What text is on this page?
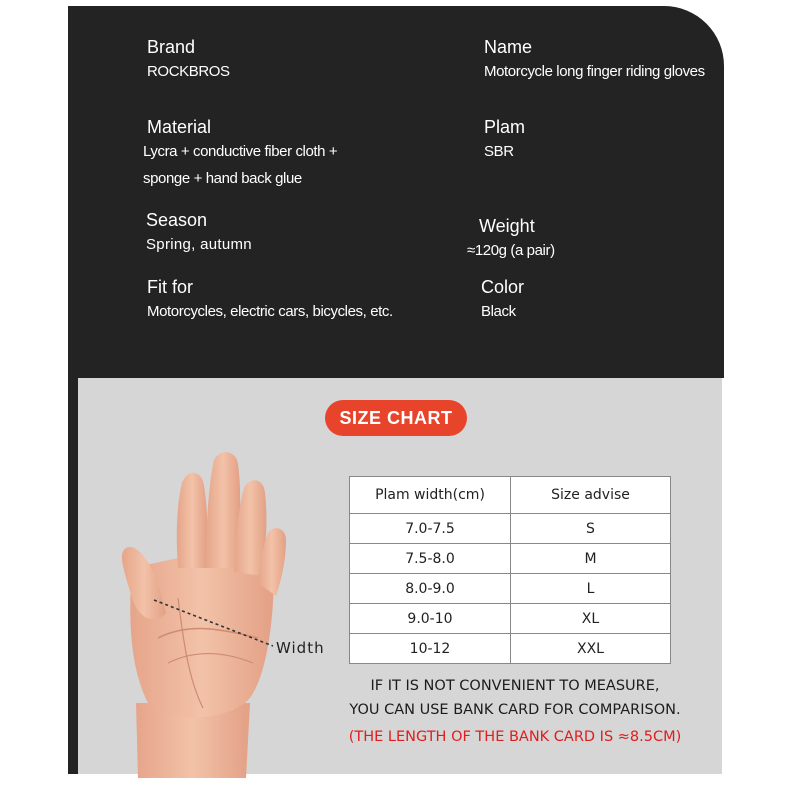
Brand
ROCKBROS
Name
Motorcycle long finger riding gloves
Material
Lycra + conductive fiber cloth +
sponge + hand back glue
Plam
SBR
Season
Spring, autumn
Weight
≈120g (a pair)
Fit for
Motorcycles, electric cars, bicycles, etc.
Color
Black
SIZE CHART
Width
Plam width(cm)	Size advise
7.0-7.5	S
7.5-8.0	M
8.0-9.0	L
9.0-10	XL
10-12	XXL
IF IT IS NOT CONVENIENT TO MEASURE,
YOU CAN USE BANK CARD FOR COMPARISON.
(THE LENGTH OF THE BANK CARD IS ≈8.5CM)
